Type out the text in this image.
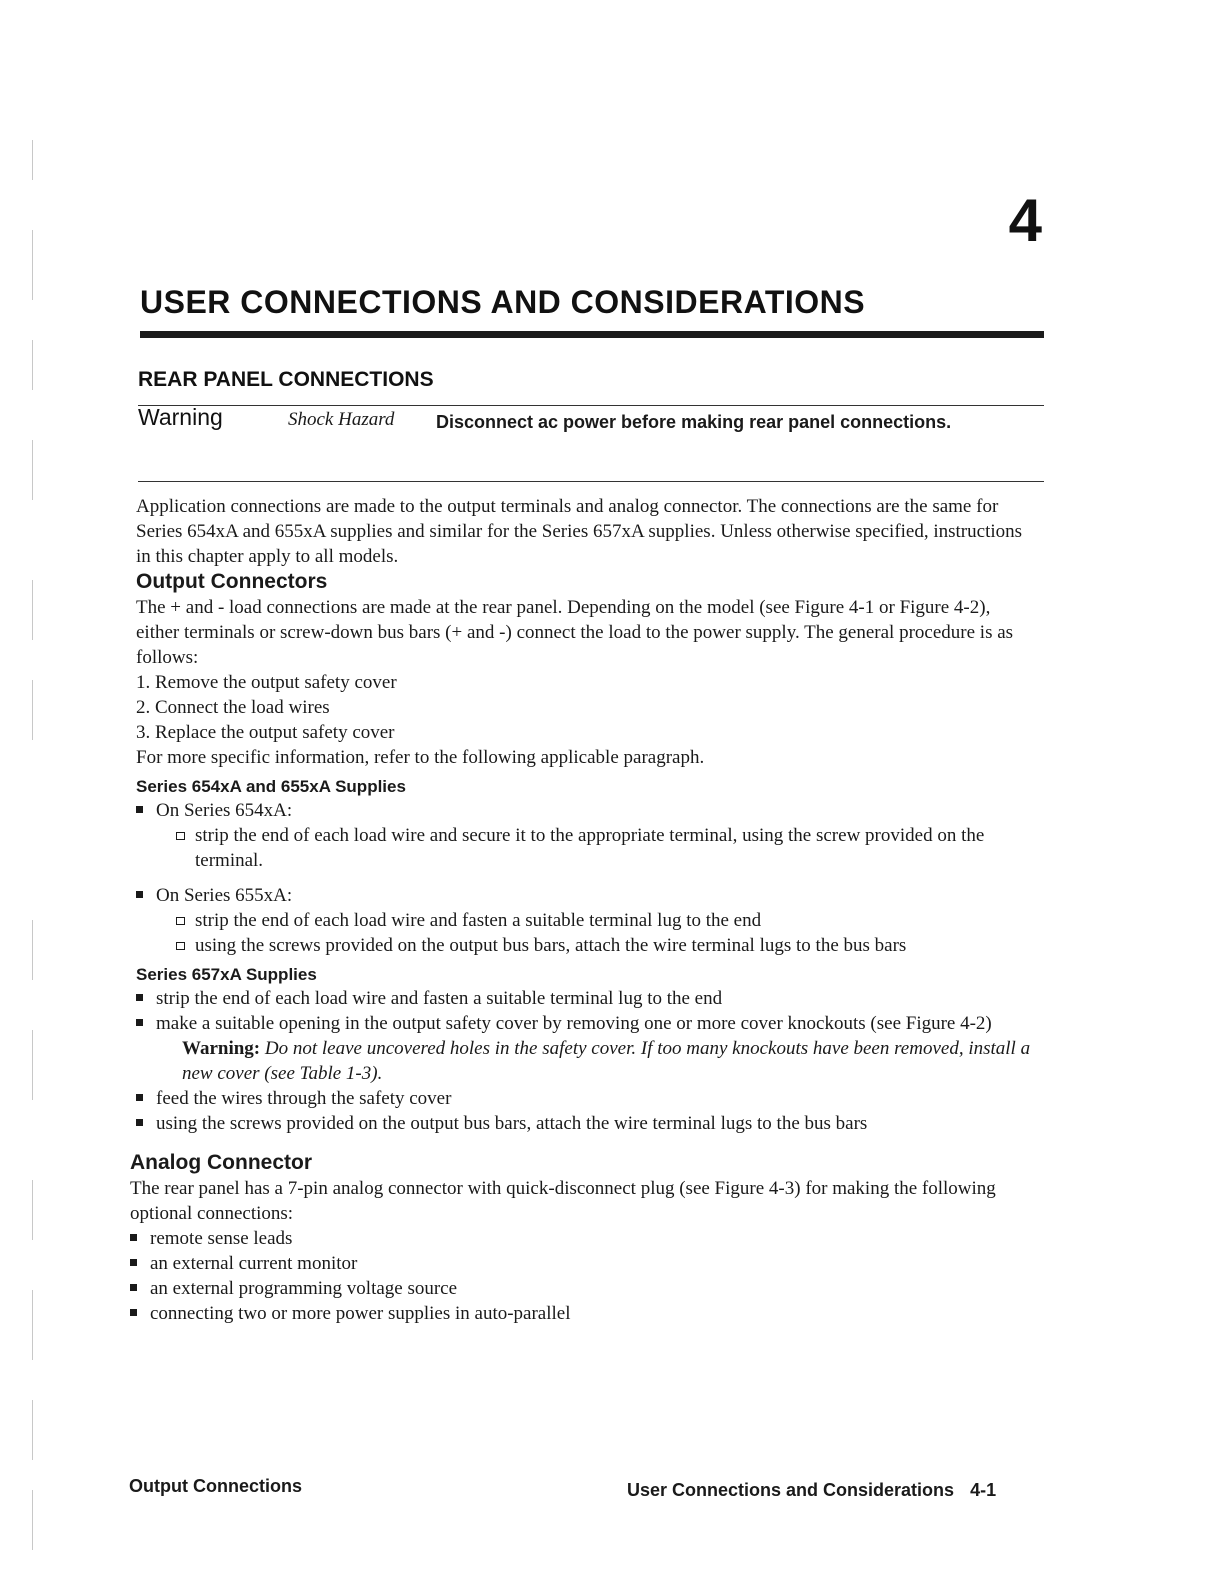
4
USER CONNECTIONS AND CONSIDERATIONS
REAR PANEL CONNECTIONS
Warning	Shock Hazard Disconnect ac power before making rear panel connections.

Application connections are made to the output terminals and analog connector. The connections are the same for Series 654xA and 655xA supplies and similar for the Series 657xA supplies. Unless otherwise specified, instructions in this chapter apply to all models.

Output Connectors

The + and - load connections are made at the rear panel. Depending on the model (see Figure 4-1 or Figure 4-2), either terminals or screw-down bus bars (+ and -) connect the load to the power supply. The general procedure is as follows:

1. Remove the output safety cover
2. Connect the load wires
3. Replace the output safety cover

For more specific information, refer to the following applicable paragraph.

Series 654xA and 655xA Supplies
On Series 654xA:
strip the end of each load wire and secure it to the appropriate terminal, using the screw provided on the terminal.
On Series 655xA:
strip the end of each load wire and fasten a suitable terminal lug to the end
using the screws provided on the output bus bars, attach the wire terminal lugs to the bus bars
Series 657xA Supplies
strip the end of each load wire and fasten a suitable terminal lug to the end
make a suitable opening in the output safety cover by removing one or more cover knockouts (see Figure 4-2)
Warning: Do not leave uncovered holes in the safety cover. If too many knockouts have been removed, install a new cover (see Table 1-3).
feed the wires through the safety cover
using the screws provided on the output bus bars, attach the wire terminal lugs to the bus bars
Analog Connector

The rear panel has a 7-pin analog connector with quick-disconnect plug (see Figure 4-3) for making the following optional connections:

remote sense leads
an external current monitor
an external programming voltage source
connecting two or more power supplies in auto-parallel
Output Connections	User Connections and Considerations 4-1
